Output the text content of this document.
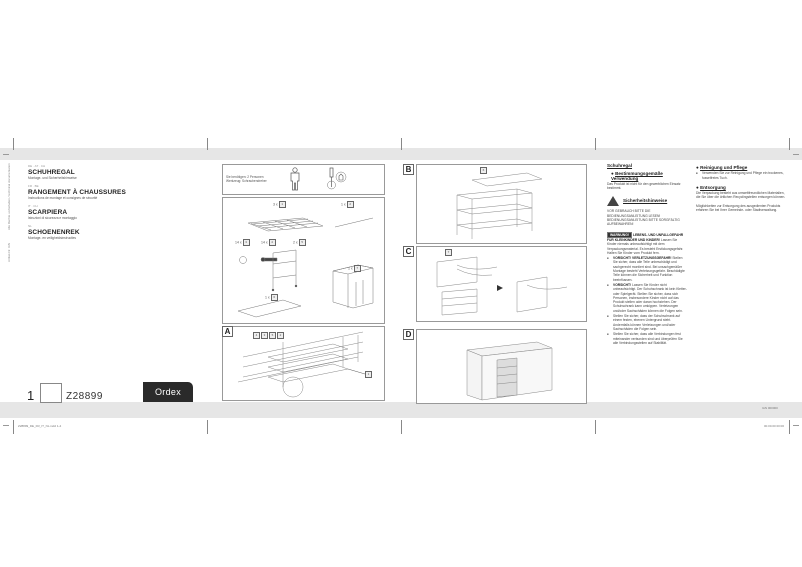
Z28899_DE_FR_IT_NL.indd 1-4
IAN 000000
00.00.00 00:00
Alle Rechte vorbehalten / technical documentation
Artikel-Nr. IAN
DE · AT · CH
SCHUHREGAL
Montage- und Sicherheitshinweise
FR · BE
RANGEMENT À CHAUSSURES
Instructions de montage et consignes de sécurité
IT · CH
SCARPIERA
Istruzioni di sicurezza e montaggio
NL
SCHOENENREK
Montage- en veiligheidsinstructies
1	Z28899	Ordex
Sie benötigen: 2 Personen
Werkzeug: Schraubendreher
3 x 1	1 x 2
14 x 3	14 x 4	2 x 5
1 x 7
1 x 6
A	4 3 5 2
1
B	6
C	7
D
Schuhregal
● Bestimmungsgemäße Verwendung
Das Produkt ist nicht für den gewerblichen Einsatz bestimmt.
Sicherheitshinweise
VOR GEBRAUCH BITTE DIE BEDIENUNGSANLEITUNG LESEN! BEDIENUNGSANLEITUNG BITTE SORGFÄLTIG AUFBEWAHREN!
WARNUNG! LEBENS- UND UNFALLGEFAHR FÜR KLEINKINDER UND KINDER! Lassen Sie Kinder niemals unbeaufsichtigt mit dem Verpackungsmaterial. Es besteht Erstickungsgefahr. Halten Sie Kinder vom Produkt fern.
■ VORSICHT! VERLETZUNGSGEFAHR! Stellen Sie sicher, dass alle Teile unbeschädigt und sachgerecht montiert sind. Bei unsachgemäßer Montage besteht Verletzungsgefahr. Beschädigte Teile können die Sicherheit und Funktion beeinflussen.
■ VORSICHT! Lassen Sie Kinder nicht unbeaufsichtigt. Der Schuhschrank ist kein Kletter- oder Spielgerät. Stellen Sie sicher, dass sich Personen, insbesondere Kinder nicht auf das Produkt stellen oder daran hochziehen. Der Schuhschrank kann umkippen. Verletzungen und/oder Sachschäden können die Folgen sein.
■ Stellen Sie sicher, dass der Schuhschrank auf einem festen, ebenen Untergrund steht. Andernfalls können Verletzungen und/oder Sachschäden die Folgen sein.
■ Stellen Sie sicher, dass alle Verbindungen fest miteinander verbunden sind und überprüfen Sie alle Verbindungsstellen auf Stabilität.
● Reinigung und Pflege
■ Verwenden Sie zur Reinigung und Pflege ein trockenes, fusselfreies Tuch.
● Entsorgung
Die Verpackung besteht aus umweltfreundlichen Materialien, die Sie über die örtlichen Recyclingstellen entsorgen können.
Möglichkeiten zur Entsorgung des ausgedienten Produkts erfahren Sie bei Ihrer Gemeinde- oder Stadtverwaltung.
